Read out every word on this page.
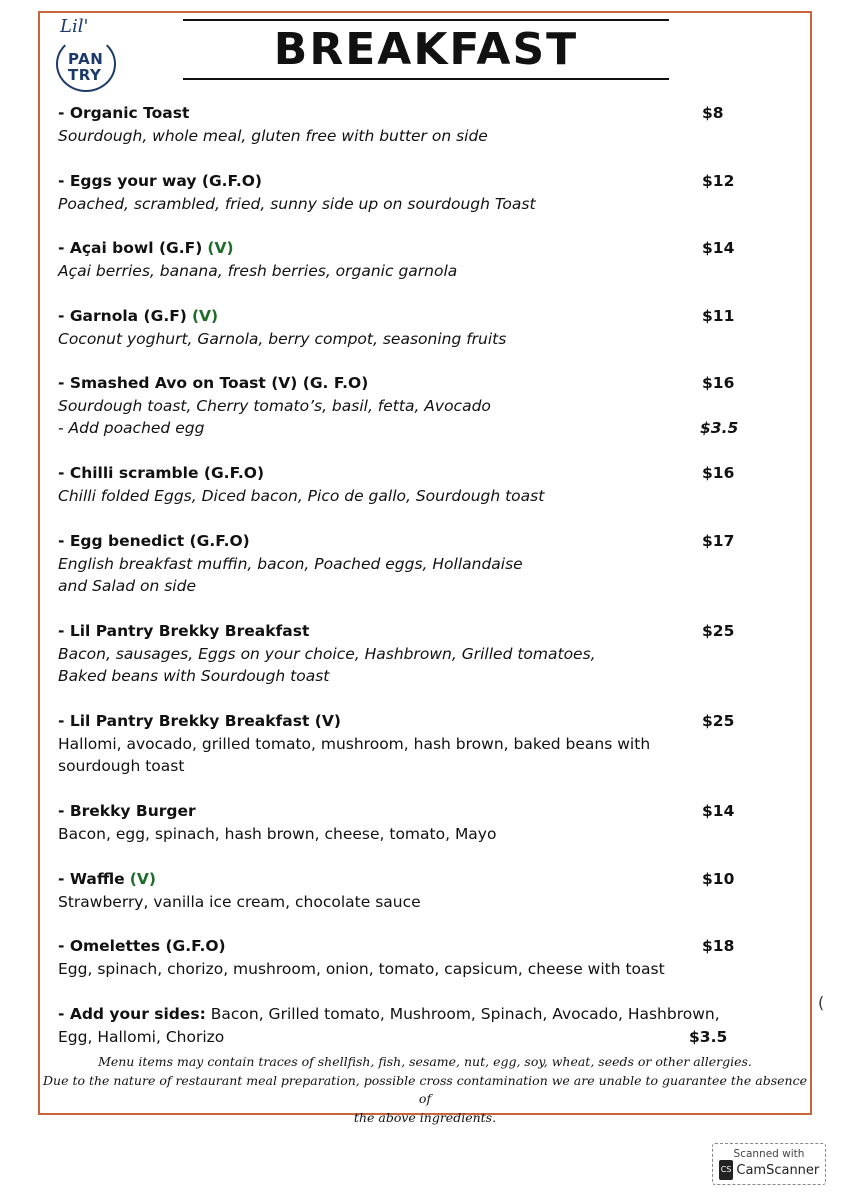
Lil'
PAN
TRY	BREAKFAST
- Organic Toast	$8
Sourdough, whole meal, gluten free with butter on side
- Eggs your way (G.F.O)	$12
Poached, scrambled, fried, sunny side up on sourdough Toast
- Açai bowl (G.F) (V)	$14
Açai berries, banana, fresh berries, organic garnola
- Garnola (G.F) (V)	$11
Coconut yoghurt, Garnola, berry compot, seasoning fruits
- Smashed Avo on Toast (V) (G. F.O)	$16
Sourdough toast, Cherry tomato’s, basil, fetta, Avocado
- Add poached egg	$3.5
- Chilli scramble (G.F.O)	$16
Chilli folded Eggs, Diced bacon, Pico de gallo, Sourdough toast
- Egg benedict (G.F.O)	$17
English breakfast muffin, bacon, Poached eggs, Hollandaise
and Salad on side
- Lil Pantry Brekky Breakfast	$25
Bacon, sausages, Eggs on your choice, Hashbrown, Grilled tomatoes,
Baked beans with Sourdough toast
- Lil Pantry Brekky Breakfast (V)	$25
Hallomi, avocado, grilled tomato, mushroom, hash brown, baked beans with
sourdough toast
- Brekky Burger	$14
Bacon, egg, spinach, hash brown, cheese, tomato, Mayo
- Waffle (V)	$10
Strawberry, vanilla ice cream, chocolate sauce
- Omelettes (G.F.O)	$18
Egg, spinach, chorizo, mushroom, onion, tomato, capsicum, cheese with toast
- Add your sides: Bacon, Grilled tomato, Mushroom, Spinach, Avocado, Hashbrown,
Egg, Hallomi, Chorizo	$3.5
Menu items may contain traces of shellfish, fish, sesame, nut, egg, soy, wheat, seeds or other allergies.
Due to the nature of restaurant meal preparation, possible cross contamination we are unable to guarantee the absence of
the above ingredients.
(
Scanned with
CS CamScanner
